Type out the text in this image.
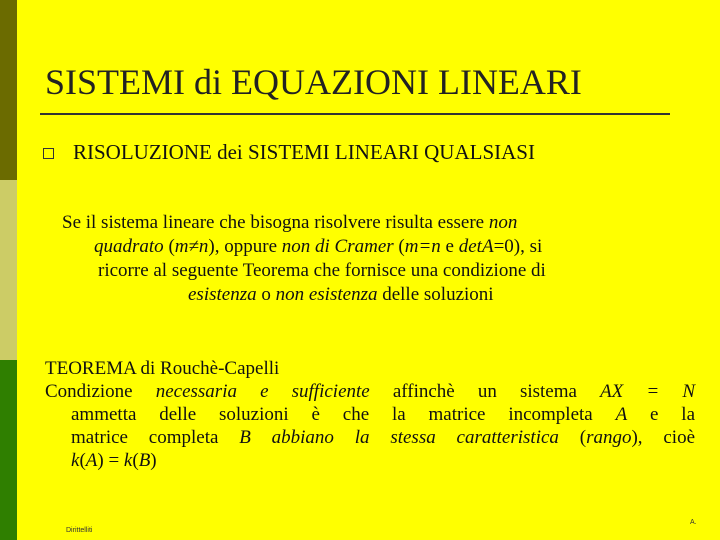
SISTEMI di EQUAZIONI LINEARI
RISOLUZIONE dei SISTEMI LINEARI QUALSIASI
Se il sistema lineare che bisogna risolvere risulta essere non
quadrato (m≠n), oppure non di Cramer (m=n e detA=0), si
ricorre al seguente Teorema che fornisce una condizione di
esistenza o non esistenza delle soluzioni
TEOREMA di Rouchè-Capelli
Condizione necessaria e sufficiente affinchè un sistema AX = N
ammetta delle soluzioni è che la matrice incompleta A e la
matrice completa B abbiano la stessa caratteristica (rango), cioè
k(A) = k(B)
Dirittelliti
A.
